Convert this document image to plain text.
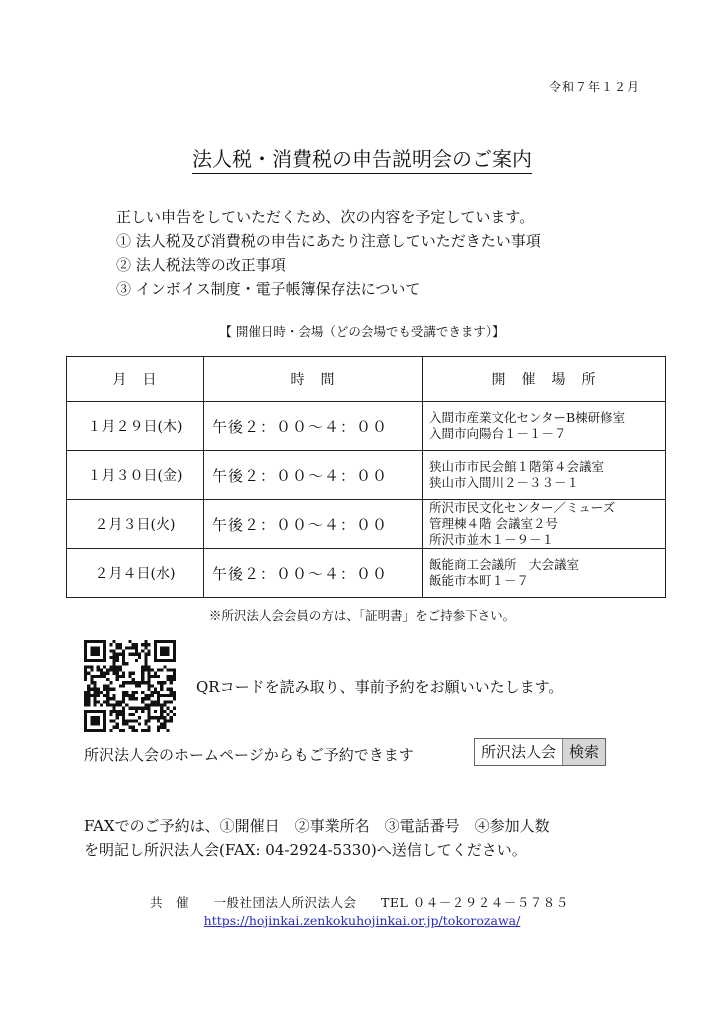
令和７年１２月
法人税・消費税の申告説明会のご案内
正しい申告をしていただくため、次の内容を予定しています。
① 法人税及び消費税の申告にあたり注意していただきたい事項
② 法人税法等の改正事項
③ インボイス制度・電子帳簿保存法について
【 開催日時・会場（どの会場でも受講できます）】
月　日	時　間	開　催　場　所
１月２９日(木)	午後２：００～４：００	入間市産業文化センターB棟研修室
入間市向陽台１－１－７

１月３０日(金)	午後２：００～４：００	狭山市市民会館１階第４会議室
狭山市入間川２－３３－１

２月３日(火)	午後２：００～４：００	所沢市民文化センター／ミューズ
管理棟４階 会議室２号
所沢市並木１－９－１

２月４日(水)	午後２：００～４：００	飯能商工会議所　大会議室
飯能市本町１－７
※所沢法人会会員の方は、「証明書」をご持参下さい。
QRコードを読み取り、事前予約をお願いいたします。
所沢法人会のホームページからもご予約できます	所沢法人会 検索
FAXでのご予約は、①開催日　②事業所名　③電話番号　④参加人数
を明記し所沢法人会(FAX: 04-2924-5330)へ送信してください。
共　催 一般社団法人所沢法人会 TEL ０４－２９２４－５７８５
https://hojinkai.zenkokuhojinkai.or.jp/tokorozawa/
